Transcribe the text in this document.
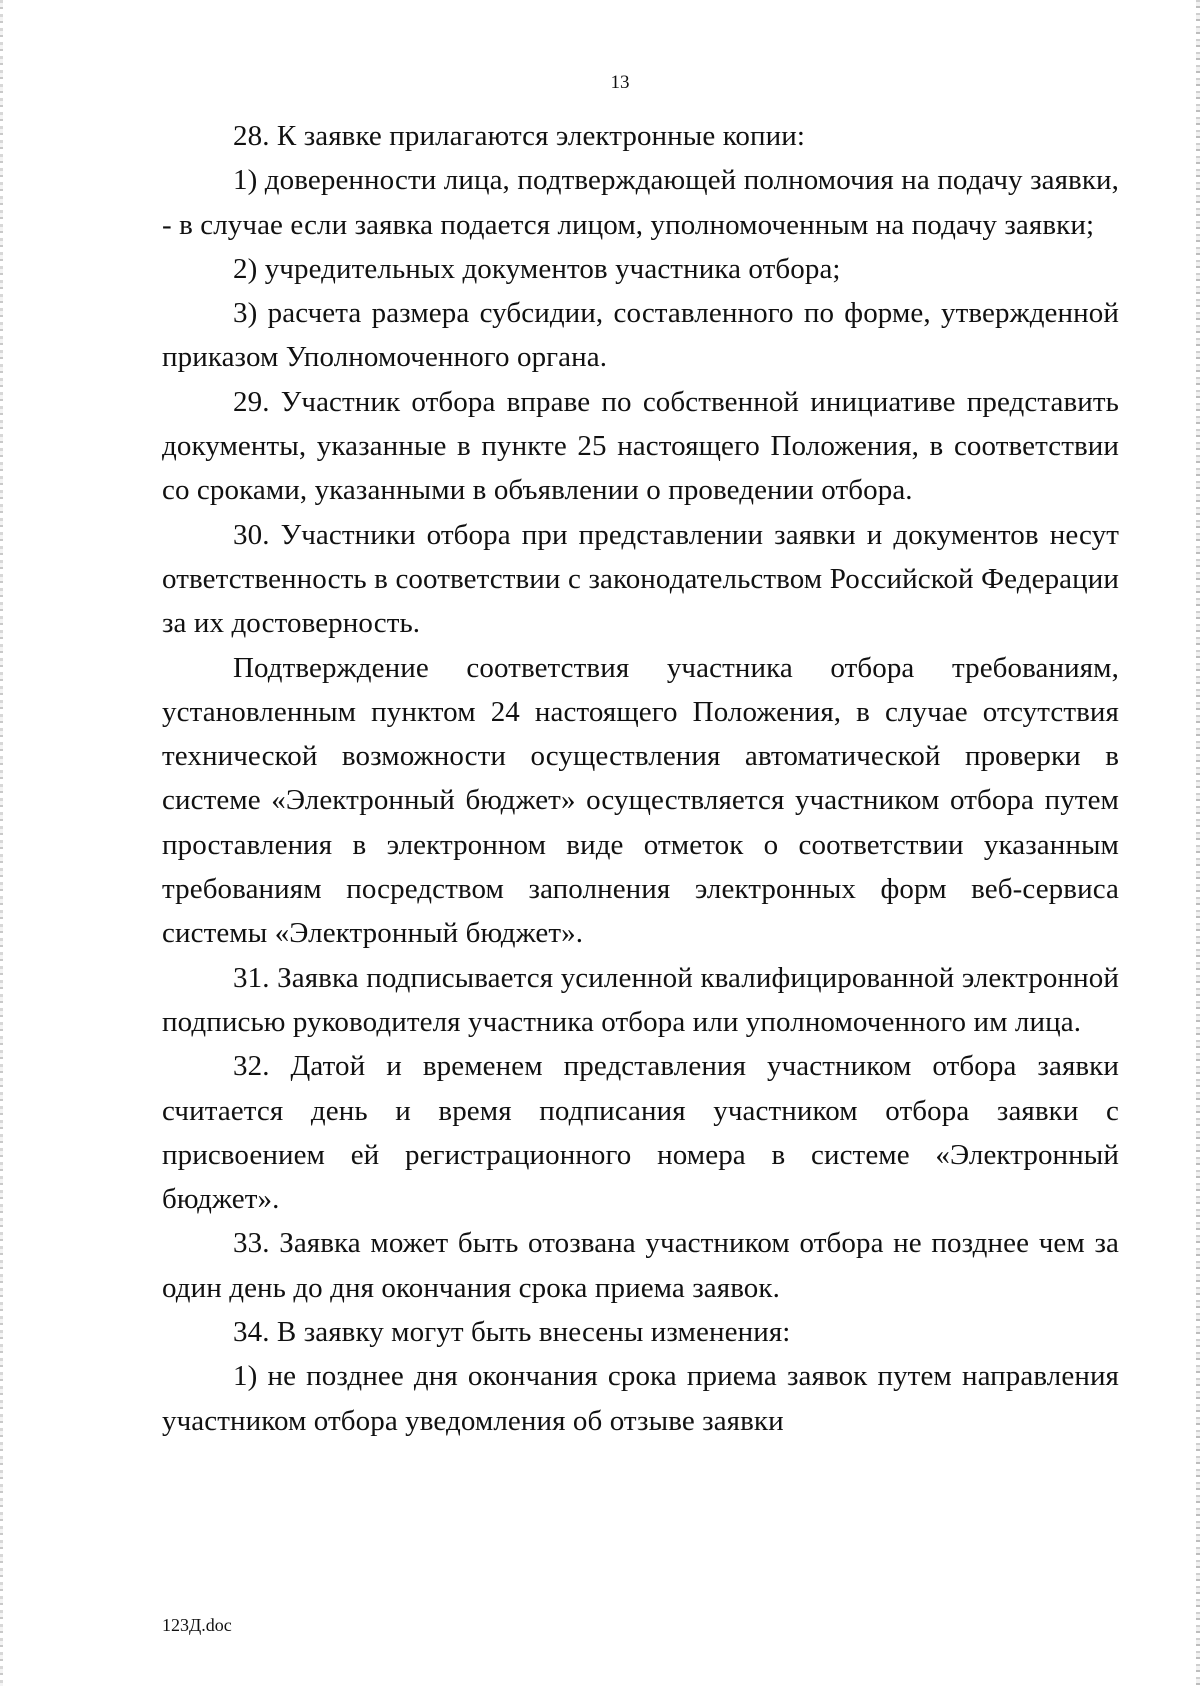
13

28. К заявке прилагаются электронные копии:

1) доверенности лица, подтверждающей полномочия на подачу заявки, - в случае если заявка подается лицом, уполномоченным на подачу заявки;

2) учредительных документов участника отбора;

3) расчета размера субсидии, составленного по форме, утвержденной приказом Уполномоченного органа.

29. Участник отбора вправе по собственной инициативе представить документы, указанные в пункте 25 настоящего Положения, в соответствии со сроками, указанными в объявлении о проведении отбора.

30. Участники отбора при представлении заявки и документов несут ответственность в соответствии с законодательством Российской Федерации за их достоверность.

Подтверждение соответствия участника отбора требованиям, установленным пунктом 24 настоящего Положения, в случае отсутствия технической возможности осуществления автоматической проверки в системе «Электронный бюджет» осуществляется участником отбора путем проставления в электронном виде отметок о соответствии указанным требованиям посредством заполнения электронных форм веб-сервиса системы «Электронный бюджет».

31. Заявка подписывается усиленной квалифицированной электронной подписью руководителя участника отбора или уполномоченного им лица.

32. Датой и временем представления участником отбора заявки считается день и время подписания участником отбора заявки с присвоением ей регистрационного номера в системе «Электронный бюджет».

33. Заявка может быть отозвана участником отбора не позднее чем за один день до дня окончания срока приема заявок.

34. В заявку могут быть внесены изменения:

1) не позднее дня окончания срока приема заявок путем направления участником отбора уведомления об отзыве заявки

123Д.doc
